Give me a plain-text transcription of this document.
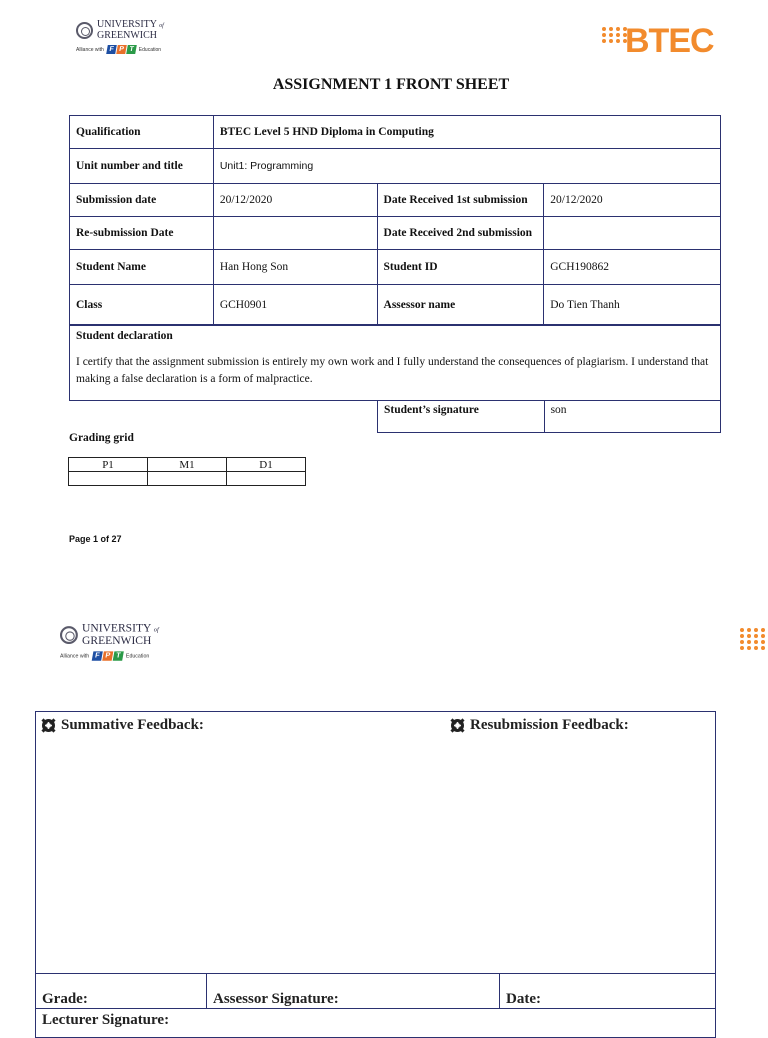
UNIVERSITY of
GREENWICH
Alliance with F P T Education	BTEC
ASSIGNMENT 1 FRONT SHEET
Qualification	BTEC Level 5 HND Diploma in Computing		
Unit number and title	Unit1: Programming		
Submission date	20/12/2020	Date Received 1st submission	20/12/2020
Re-submission Date		Date Received 2nd submission	
Student Name	Han Hong Son	Student ID	GCH190862
Class	GCH0901	Assessor name	Do Tien Thanh
Student declaration
I certify that the assignment submission is entirely my own work and I fully understand the consequences of plagiarism. I understand that making a false declaration is a form of malpractice.
Student’s signature	son
Grading grid
P1	M1	D1

Page 1 of 27
UNIVERSITY of
GREENWICH
Alliance with F P T Education
Summative Feedback:	Resubmission Feedback:
Grade:	Assessor Signature:	Date:
Lecturer Signature:
